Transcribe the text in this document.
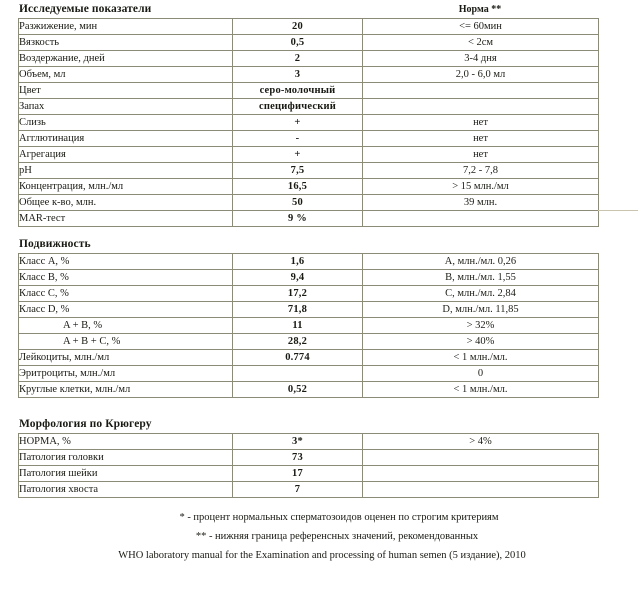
Исследуемые показатели	Норма **
Разжижение, мин	20	<= 60мин
Вязкость	0,5	< 2см
Воздержание, дней	2	3-4 дня
Объем, мл	3	2,0 - 6,0 мл
Цвет	серо-молочный	
Запах	специфический	
Слизь	+	нет
Агглютинация	-	нет
Агрегация	+	нет
pH	7,5	7,2 - 7,8
Концентрация, млн./мл	16,5	> 15 млн./мл
Общее к-во, млн.	50	39 млн.
MAR-тест	9 %	
Подвижность
Класс A, %	1,6	A, млн./мл. 0,26
Класс B, %	9,4	B, млн./мл. 1,55
Класс C, %	17,2	C, млн./мл. 2,84
Класс D, %	71,8	D, млн./мл. 11,85
A + B, %	11	> 32%
A + B + C, %	28,2	> 40%
Лейкоциты, млн./мл	0.774	< 1 млн./мл.
Эритроциты, млн./мл		0
Круглые клетки, млн./мл	0,52	< 1 млн./мл.
Морфология по Крюгеру
НОРМА, %	3*	> 4%
Патология головки	73	
Патология шейки	17	
Патология хвоста	7	
* - процент нормальных сперматозоидов оценен по строгим критериям
** - нижняя граница референсных значений, рекомендованных
WHO laboratory manual for the Examination and processing of human semen (5 издание), 2010
